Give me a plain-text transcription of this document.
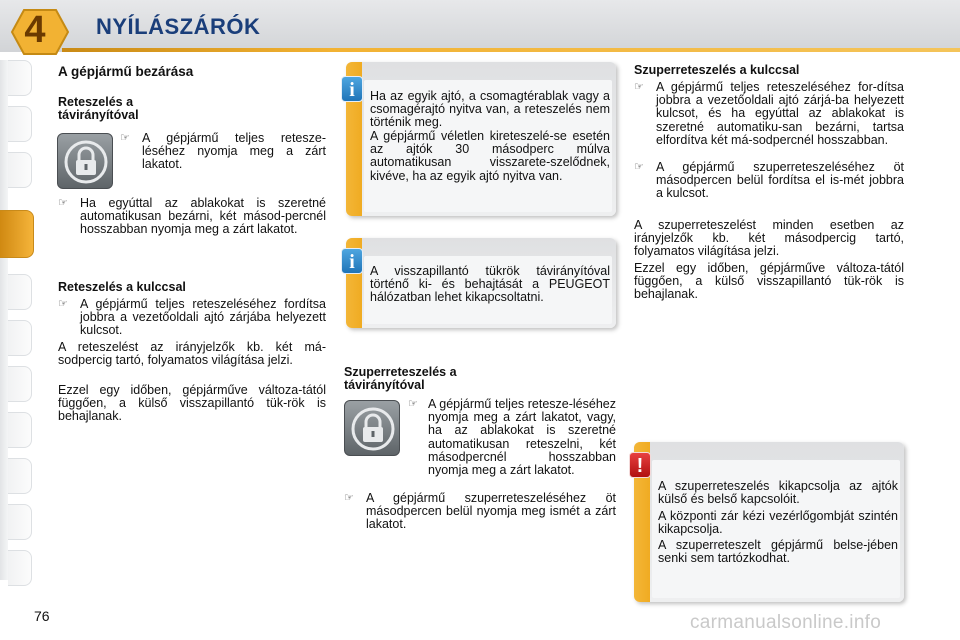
4	NYÍLÁSZÁRÓK
A gépjármű bezárása
Reteszelés a
távirányítóval
☞ A gépjármű teljes retesze-léséhez nyomja meg a zárt lakatot.
☞ Ha egyúttal az ablakokat is szeretné automatikusan bezárni, két másod-percnél hosszabban nyomja meg a zárt lakatot.
Reteszelés a kulccsal
☞ A gépjármű teljes reteszeléséhez fordítsa jobbra a vezetőoldali ajtó zárjába helyezett kulcsot.
A reteszelést az irányjelzők kb. két má-sodpercig tartó, folyamatos világítása jelzi.
Ezzel egy időben, gépjárműve változa-tától függően, a külső visszapillantó tük-rök is behajlanak.
Ha az egyik ajtó, a csomagtérablak vagy a csomagérajtó nyitva van, a reteszelés nem történik meg.
A gépjármű véletlen kireteszelé-se esetén az ajtók 30 másodperc múlva automatikusan visszarete-szelődnek, kivéve, ha az egyik ajtó nyitva van.
i
A visszapillantó tükrök távirányítóval történő ki- és behajtását a PEUGEOT hálózatban lehet kikapcsoltatni.
i
Szuperreteszelés a
távirányítóval
☞ A gépjármű teljes retesze-léséhez nyomja meg a zárt lakatot, vagy, ha az ablakokat is szeretné automatikusan reteszelni, két másodpercnél hosszabban nyomja meg a zárt lakatot.
☞ A gépjármű szuperreteszeléséhez öt másodpercen belül nyomja meg ismét a zárt lakatot.
Szuperreteszelés a kulccsal
☞ A gépjármű teljes reteszeléséhez for-dítsa jobbra a vezetőoldali ajtó zárjá-ba helyezett kulcsot, és ha egyúttal az ablakokat is szeretné automatiku-san bezárni, tartsa elfordítva két má-sodpercnél hosszabban.
☞ A gépjármű szuperreteszeléséhez öt másodpercen belül fordítsa el is-mét jobbra a kulcsot.
A szuperreteszelést minden esetben az irányjelzők kb. két másodpercig tartó, folyamatos világítása jelzi.
Ezzel egy időben, gépjárműve változa-tától függően, a külső visszapillantó tük-rök is behajlanak.
A szuperreteszelés kikapcsolja az ajtók külső és belső kapcsolóit.
A központi zár kézi vezérlőgombját szintén kikapcsolja.
A szuperreteszelt gépjármű belse-jében senki sem tartózkodhat.
!
76	carmanualsonline.info
